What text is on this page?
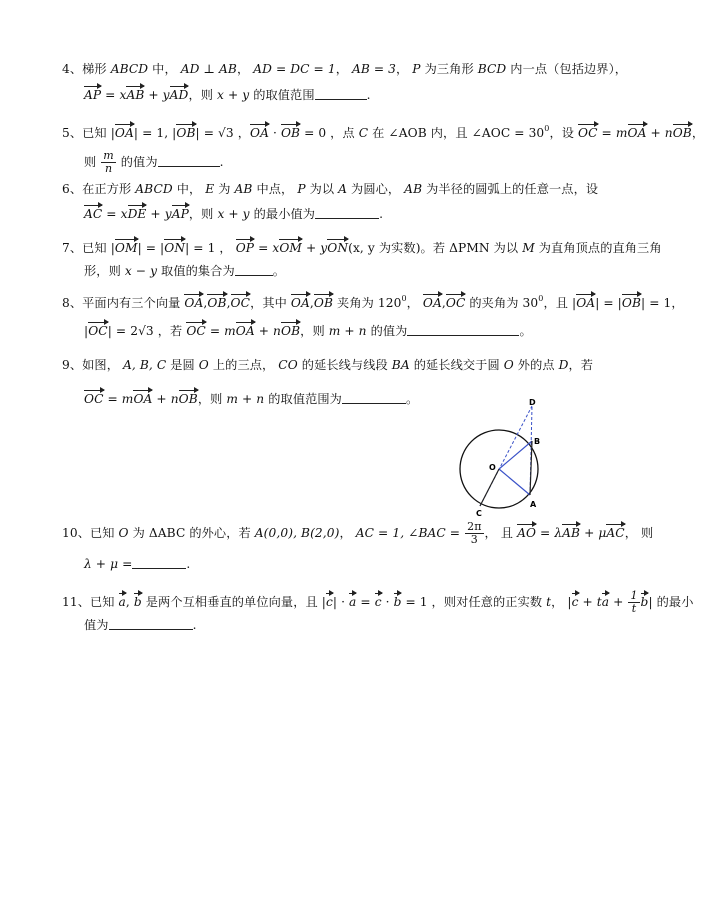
4、梯形 ABCD 中， AD ⊥ AB， AD = DC = 1， AB = 3， P 为三角形 BCD 内一点（包括边界），
AP = xAB + yAD，则 x + y 的取值范围	.
5、已知 |OA| = 1, |OB| = √3 ，OA · OB = 0 ，点 C 在 ∠AOB 内，且 ∠AOC = $30^0$，设 OC = mOA + nOB，
则 $\frac{m}{n}$ 的值为	.
6、在正方形 ABCD 中， E 为 AB 中点， P 为以 A 为圆心， AB 为半径的圆弧上的任意一点，设
AC = xDE + yAP，则 x + y 的最小值为	.
7、已知 |OM| = |ON| = 1 ， OP = xOM + yON(x, y 为实数)。若 ΔPMN 为以 M 为直角顶点的直角三角
形，则 x − y 取值的集合为	。
8、平面内有三个向量 OA,OB,OC，其中 OA,OB 夹角为 $120^0$， OA,OC 的夹角为 $30^0$，且 |OA| = |OB| = 1，
|OC| = 2√3 ，若 OC = mOA + nOB，则 m + n 的值为	。
9、如图， A, B, C 是圆 O 上的三点， CO 的延长线与线段 BA 的延长线交于圆 O 外的点 D，若
OC = mOA + nOB，则 m + n 的取值范围为	。	D
B
O
A
C
10、已知 O 为 ΔABC 的外心，若 A(0,0), B(2,0)， AC = 1, ∠BAC = $\frac{2\pi}{3}$ ， 且 AO = λAB + μAC， 则
λ + μ =	.
11、已知 a, b 是两个互相垂直的单位向量，且 |c| · a = c · b = 1 ，则对任意的正实数 t， |c + ta + $\frac{1}{t} b|$ 的最小
值为	.
